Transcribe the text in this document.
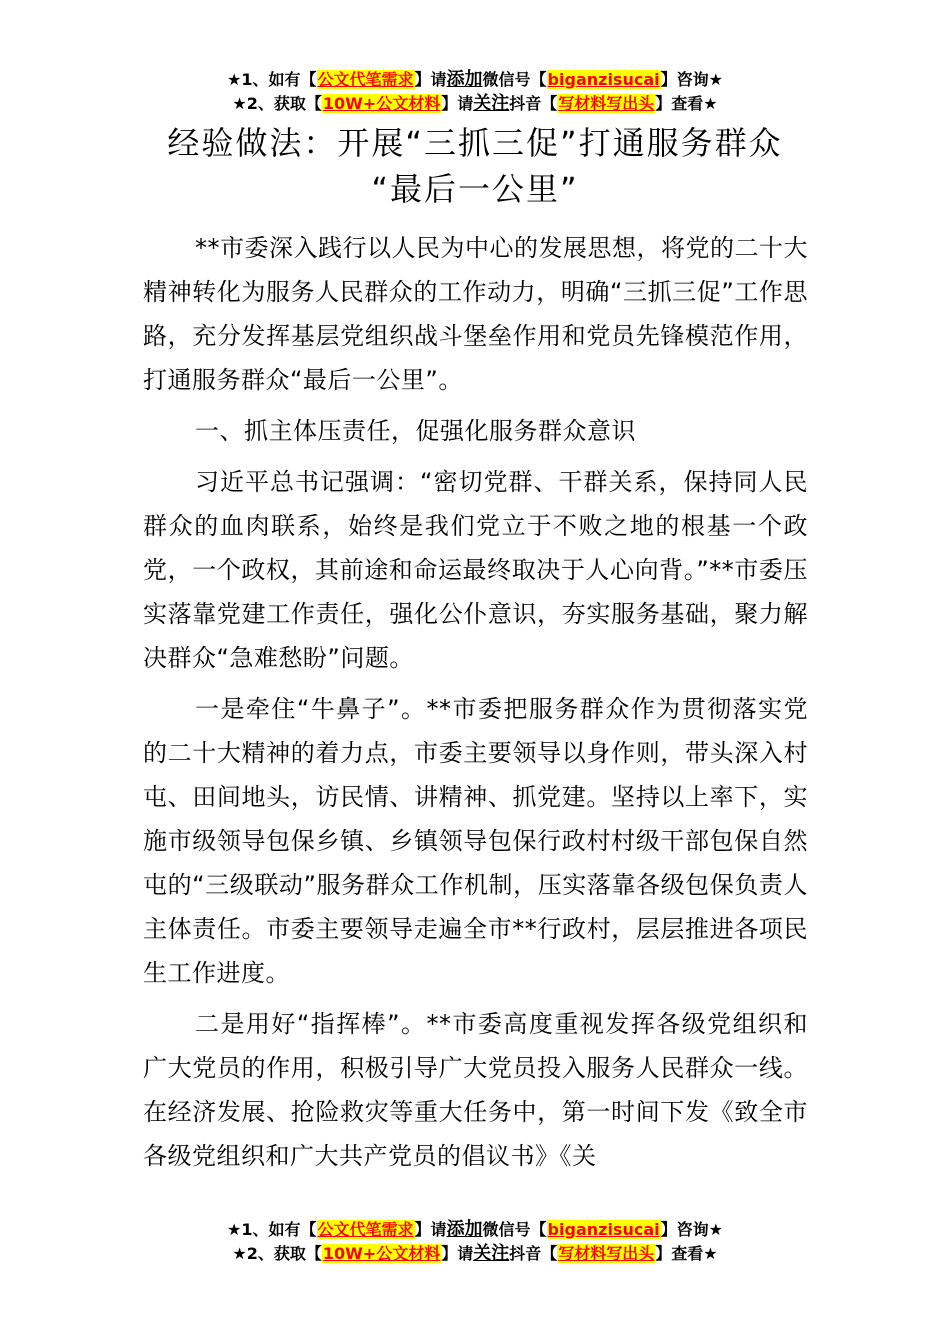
★1、如有【公文代笔需求】请添加微信号【biganzisucai】咨询★
★2、获取【10W+公文材料】请关注抖音【写材料写出头】查看★
经验做法：开展“三抓三促”打通服务群众
“最后一公里”

**市委深入践行以人民为中心的发展思想，将党的二十大精神转化为服务人民群众的工作动力，明确“三抓三促”工作思路，充分发挥基层党组织战斗堡垒作用和党员先锋模范作用，打通服务群众“最后一公里”。

一、抓主体压责任，促强化服务群众意识

习近平总书记强调：“密切党群、干群关系，保持同人民群众的血肉联系，始终是我们党立于不败之地的根基一个政党，一个政权，其前途和命运最终取决于人心向背。”**市委压实落靠党建工作责任，强化公仆意识，夯实服务基础，聚力解决群众“急难愁盼”问题。

一是牵住“牛鼻子”。**市委把服务群众作为贯彻落实党的二十大精神的着力点，市委主要领导以身作则，带头深入村屯、田间地头，访民情、讲精神、抓党建。坚持以上率下，实施市级领导包保乡镇、乡镇领导包保行政村村级干部包保自然屯的“三级联动”服务群众工作机制，压实落靠各级包保负责人主体责任。市委主要领导走遍全市**行政村，层层推进各项民生工作进度。

二是用好“指挥棒”。**市委高度重视发挥各级党组织和广大党员的作用，积极引导广大党员投入服务人民群众一线。在经济发展、抢险救灾等重大任务中，第一时间下发《致全市各级党组织和广大共产党员的倡议书》《关

★1、如有【公文代笔需求】请添加微信号【biganzisucai】咨询★
★2、获取【10W+公文材料】请关注抖音【写材料写出头】查看★
